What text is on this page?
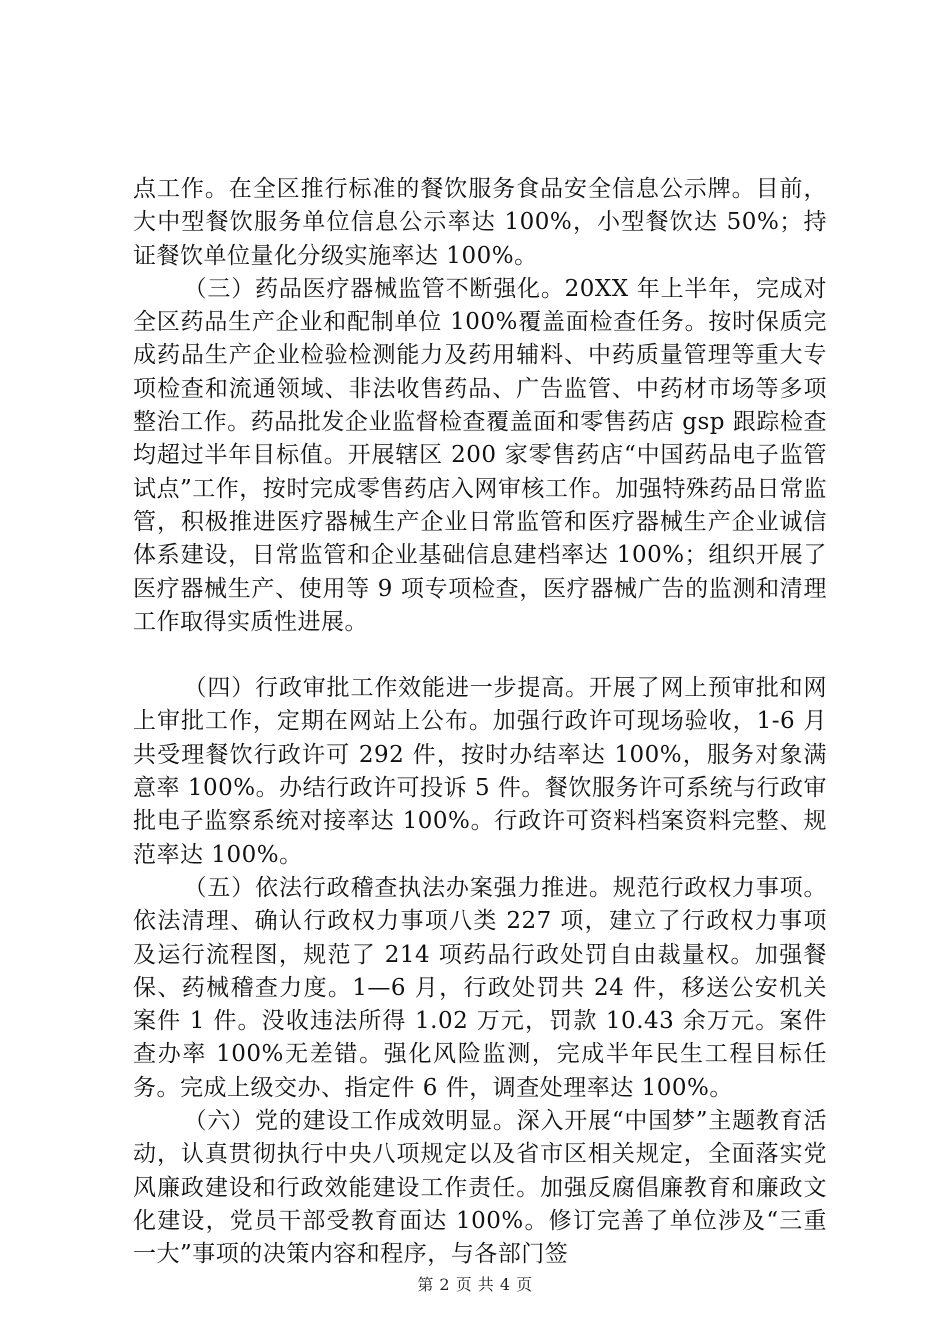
点工作。在全区推行标准的餐饮服务食品安全信息公示牌。目前，大中型餐饮服务单位信息公示率达 100%，小型餐饮达 50%；持证餐饮单位量化分级实施率达 100%。

（三）药品医疗器械监管不断强化。20XX 年上半年，完成对全区药品生产企业和配制单位 100%覆盖面检查任务。按时保质完成药品生产企业检验检测能力及药用辅料、中药质量管理等重大专项检查和流通领域、非法收售药品、广告监管、中药材市场等多项整治工作。药品批发企业监督检查覆盖面和零售药店 gsp 跟踪检查均超过半年目标值。开展辖区 200 家零售药店“中国药品电子监管试点”工作，按时完成零售药店入网审核工作。加强特殊药品日常监管，积极推进医疗器械生产企业日常监管和医疗器械生产企业诚信体系建设，日常监管和企业基础信息建档率达 100%；组织开展了医疗器械生产、使用等 9 项专项检查，医疗器械广告的监测和清理工作取得实质性进展。

（四）行政审批工作效能进一步提高。开展了网上预审批和网上审批工作，定期在网站上公布。加强行政许可现场验收，1-6 月共受理餐饮行政许可 292 件，按时办结率达 100%，服务对象满意率 100%。办结行政许可投诉 5 件。餐饮服务许可系统与行政审批电子监察系统对接率达 100%。行政许可资料档案资料完整、规范率达 100%。

（五）依法行政稽查执法办案强力推进。规范行政权力事项。依法清理、确认行政权力事项八类 227 项，建立了行政权力事项及运行流程图，规范了 214 项药品行政处罚自由裁量权。加强餐保、药械稽查力度。1—6 月，行政处罚共 24 件，移送公安机关案件 1 件。没收违法所得 1.02 万元，罚款 10.43 余万元。案件查办率 100%无差错。强化风险监测，完成半年民生工程目标任务。完成上级交办、指定件 6 件，调查处理率达 100%。

（六）党的建设工作成效明显。深入开展“中国梦”主题教育活动，认真贯彻执行中央八项规定以及省市区相关规定，全面落实党风廉政建设和行政效能建设工作责任。加强反腐倡廉教育和廉政文化建设，党员干部受教育面达 100%。修订完善了单位涉及“三重一大”事项的决策内容和程序，与各部门签

第 2 页 共 4 页
